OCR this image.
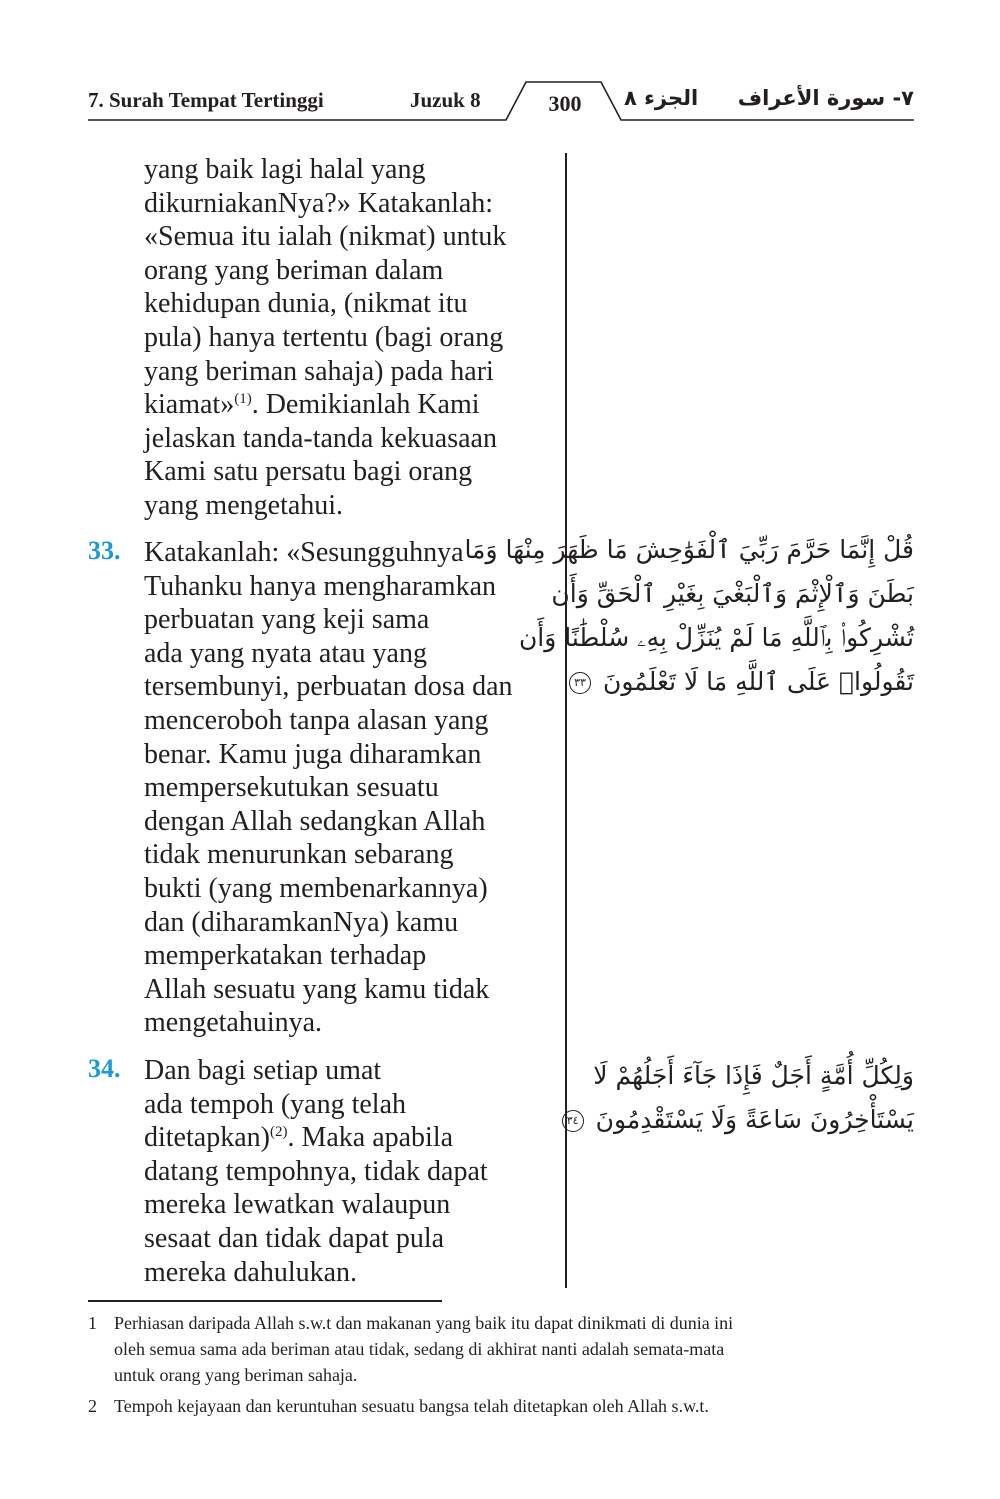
7. Surah Tempat Tertinggi	Juzuk 8	300	الجزء ٨ ٧- سورة الأعراف
yang baik lagi halal yang
dikurniakanNya?» Katakanlah:
«Semua itu ialah (nikmat) untuk
orang yang beriman dalam
kehidupan dunia, (nikmat itu
pula) hanya tertentu (bagi orang
yang beriman sahaja) pada hari
kiamat»$^{(1)}$. Demikianlah Kami
jelaskan tanda-tanda kekuasaan
Kami satu persatu bagi orang
yang mengetahui.
33. Katakanlah: «Sesungguhnya
Tuhanku hanya mengharamkan
perbuatan yang keji sama
ada yang nyata atau yang
tersembunyi, perbuatan dosa dan
menceroboh tanpa alasan yang
benar. Kamu juga diharamkan
mempersekutukan sesuatu
dengan Allah sedangkan Allah
tidak menurunkan sebarang
bukti (yang membenarkannya)
dan (diharamkanNya) kamu
memperkatakan terhadap
Allah sesuatu yang kamu tidak
mengetahuinya.
قُلْ إِنَّمَا حَرَّمَ رَبِّيَ ٱلْفَوَٰحِشَ مَا ظَهَرَ مِنْهَا وَمَا
بَطَنَ وَٱلْإِثْمَ وَٱلْبَغْيَ بِغَيْرِ ٱلْحَقِّ وَأَن
تُشْرِكُوا۟ بِٱللَّهِ مَا لَمْ يُنَزِّلْ بِهِۦ سُلْطَٰنًا وَأَن
تَقُولُوا۟ عَلَى ٱللَّهِ مَا لَا تَعْلَمُونَ ٣٣
34. Dan bagi setiap umat
ada tempoh (yang telah
ditetapkan)$^{(2)}$. Maka apabila
datang tempohnya, tidak dapat
mereka lewatkan walaupun
sesaat dan tidak dapat pula
mereka dahulukan.
وَلِكُلِّ أُمَّةٍ أَجَلٌ فَإِذَا جَآءَ أَجَلُهُمْ لَا
يَسْتَأْخِرُونَ سَاعَةً وَلَا يَسْتَقْدِمُونَ ٣٤
1 Perhiasan daripada Allah s.w.t dan makanan yang baik itu dapat dinikmati di dunia ini
oleh semua sama ada beriman atau tidak, sedang di akhirat nanti adalah semata-mata
untuk orang yang beriman sahaja.
2 Tempoh kejayaan dan keruntuhan sesuatu bangsa telah ditetapkan oleh Allah s.w.t.
